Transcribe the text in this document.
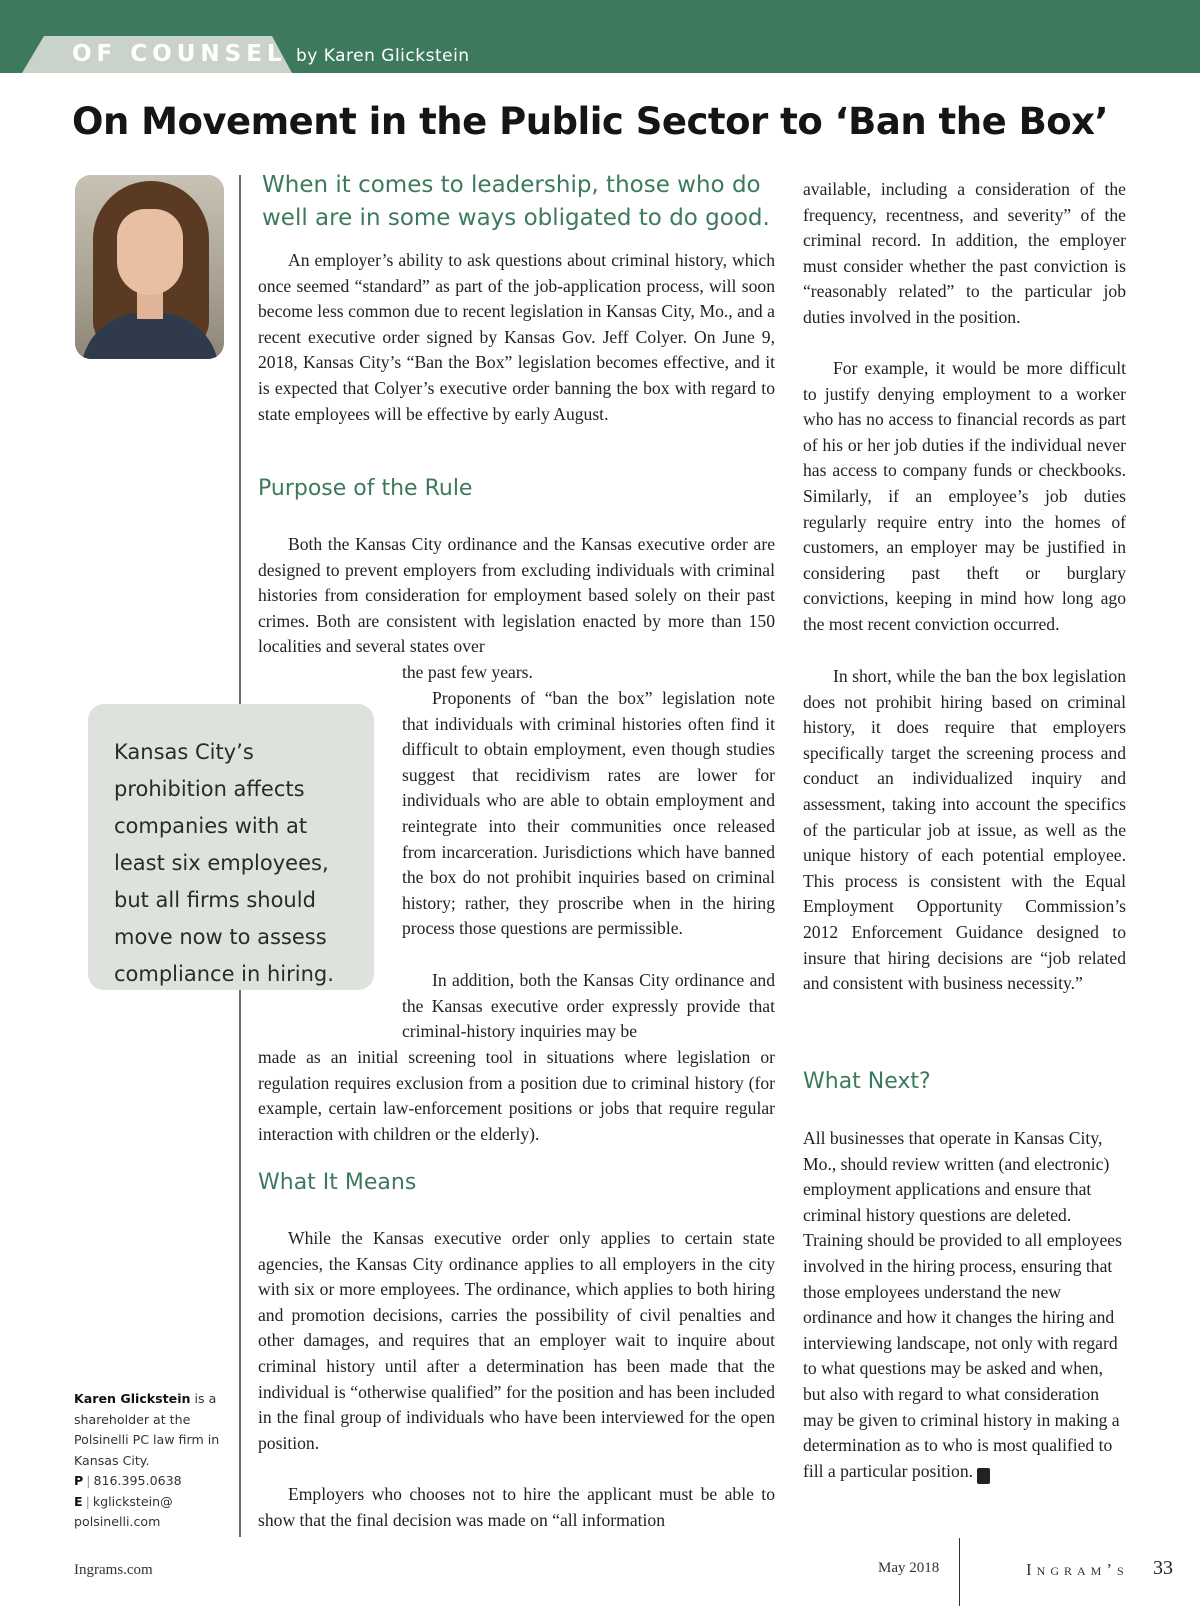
OF COUNSEL by Karen Glickstein
On Movement in the Public Sector to ‘Ban the Box’
When it comes to leadership, those who do well are in some ways obligated to do good.

An employer’s ability to ask questions about criminal history, which once seemed “standard” as part of the job-application process, will soon become less common due to recent legislation in Kansas City, Mo., and a recent executive order signed by Kansas Gov. Jeff Colyer. On June 9, 2018, Kansas City’s “Ban the Box” legislation becomes effective, and it is expected that Colyer’s executive order banning the box with regard to state employees will be effective by early August.

Purpose of the Rule

Both the Kansas City ordinance and the Kansas executive order are designed to prevent employers from excluding individuals with criminal histories from consideration for employment based solely on their past crimes. Both are consistent with legislation enacted by more than 150 localities and several states over

the past few years.

Proponents of “ban the box” legislation note that individuals with criminal histories often find it difficult to obtain employment, even though studies suggest that recidivism rates are lower for individuals who are able to obtain employment and reintegrate into their communities once released from incarceration. Jurisdictions which have banned the box do not prohibit inquiries based on criminal history; rather, they proscribe when in the hiring process those questions are permissible.

In addition, both the Kansas City ordinance and the Kansas executive order expressly provide that criminal-history inquiries may be

made as an initial screening tool in situations where legislation or regulation requires exclusion from a position due to criminal history (for example, certain law-enforcement positions or jobs that require regular interaction with children or the elderly).

What It Means

While the Kansas executive order only applies to certain state agencies, the Kansas City ordinance applies to all employers in the city with six or more employees. The ordinance, which applies to both hiring and promotion decisions, carries the possibility of civil penalties and other damages, and requires that an employer wait to inquire about criminal history until after a determination has been made that the individual is “otherwise qualified” for the position and has been included in the final group of individuals who have been interviewed for the open position.

Employers who chooses not to hire the applicant must be able to show that the final decision was made on “all information

Kansas City’s prohibition affects companies with at least six employees, but all firms should move now to assess compliance in hiring.

available, including a consideration of the frequency, recentness, and severity” of the criminal record. In addition, the employer must consider whether the past conviction is “reasonably related” to the particular job duties involved in the position.

For example, it would be more difficult to justify denying employment to a worker who has no access to financial records as part of his or her job duties if the individual never has access to company funds or checkbooks. Similarly, if an employee’s job duties regularly require entry into the homes of customers, an employer may be justified in considering past theft or burglary convictions, keeping in mind how long ago the most recent conviction occurred.

In short, while the ban the box legislation does not prohibit hiring based on criminal history, it does require that employers specifically target the screening process and conduct an individualized inquiry and assessment, taking into account the specifics of the particular job at issue, as well as the unique history of each potential employee. This process is consistent with the Equal Employment Opportunity Commission’s 2012 Enforcement Guidance designed to insure that hiring decisions are “job related and consistent with business necessity.”

What Next?

All businesses that operate in Kansas City, Mo., should review written (and electronic) employment applications and ensure that criminal history questions are deleted. Training should be provided to all employees involved in the hiring process, ensuring that those employees understand the new ordinance and how it changes the hiring and interviewing landscape, not only with regard to what questions may be asked and when, but also with regard to what consideration may be given to criminal history in making a determination as to who is most qualified to fill a particular position.	I

Karen Glickstein is a shareholder at the Polsinelli PC law firm in Kansas City.
P | 816.395.0638
E | kglickstein@ polsinelli.com
Ingrams.com	May 2018	Ingram’s 33
